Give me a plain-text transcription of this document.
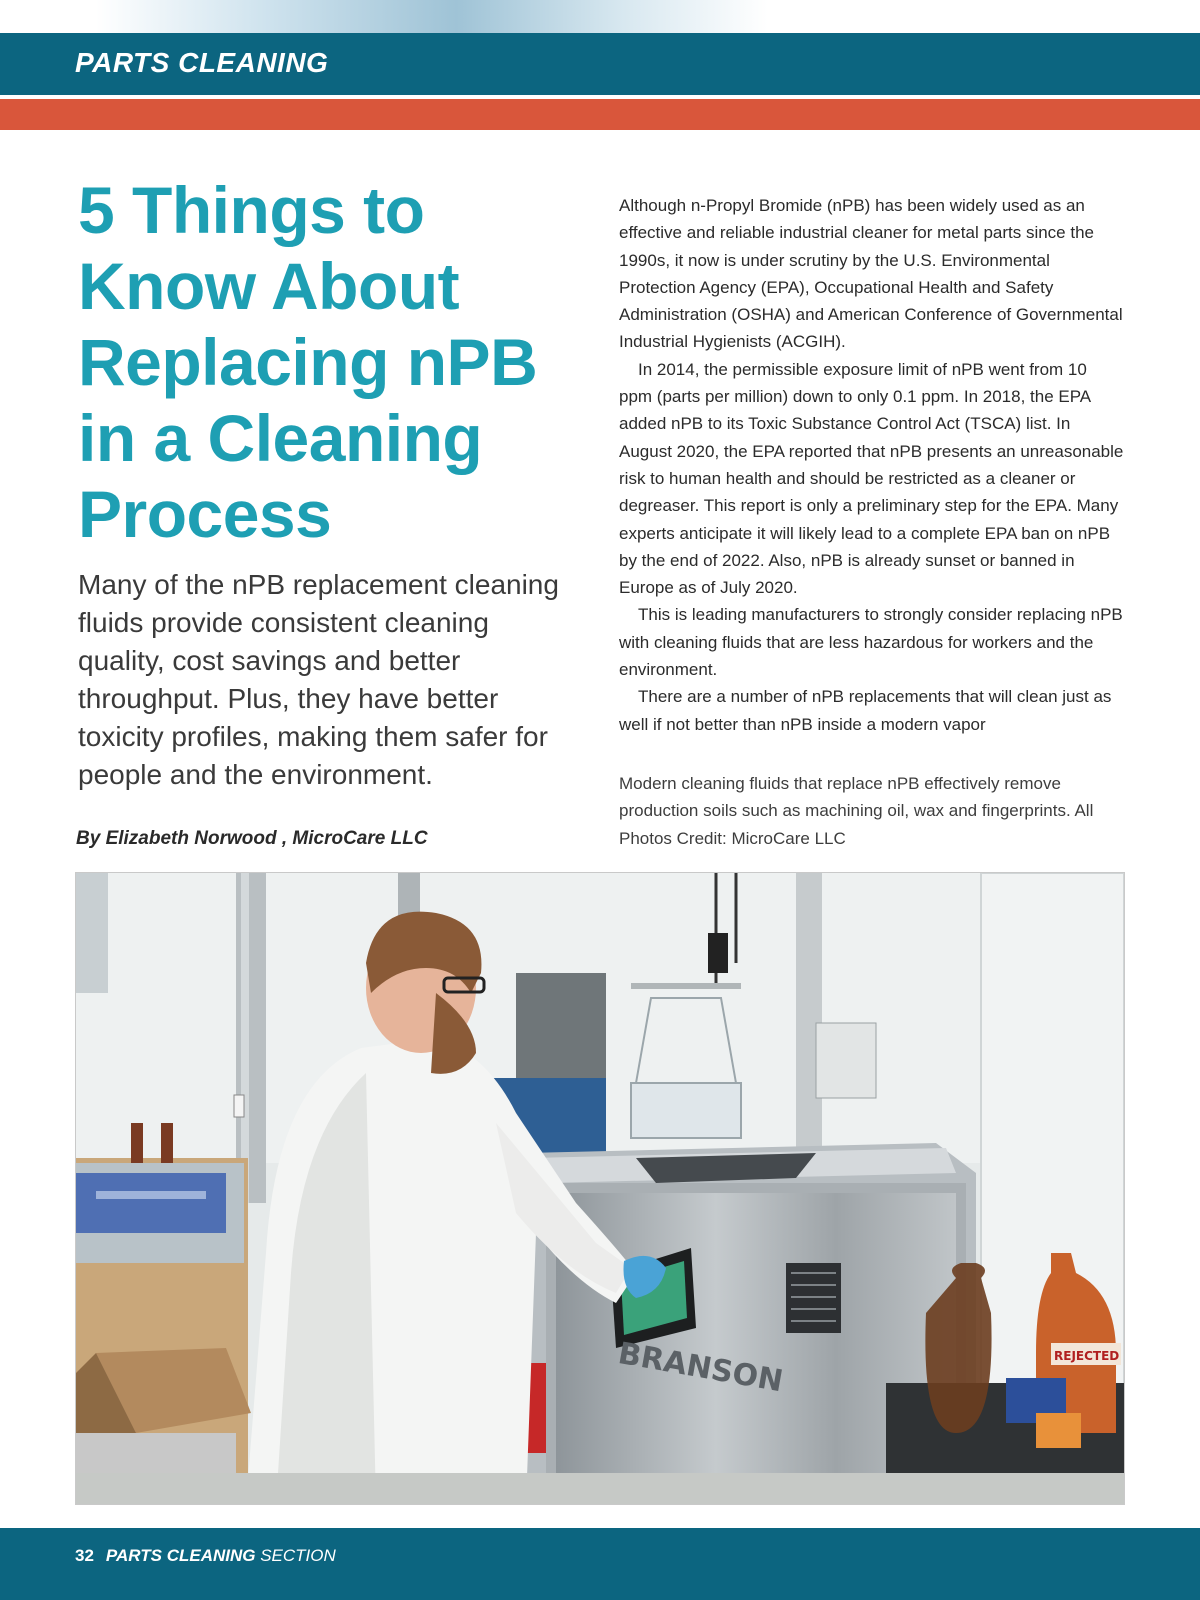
PARTS CLEANING
5 Things to Know About Replacing nPB in a Cleaning Process

Many of the nPB replacement cleaning fluids provide consistent cleaning quality, cost savings and better throughput. Plus, they have better toxicity profiles, making them safer for people and the environment.

By Elizabeth Norwood , MicroCare LLC

Although n-Propyl Bromide (nPB) has been widely used as an effective and reliable industrial cleaner for metal parts since the 1990s, it now is under scrutiny by the U.S. Environmental Protection Agency (EPA), Occupational Health and Safety Administration (OSHA) and American Conference of Governmental Industrial Hygienists (ACGIH).

In 2014, the permissible exposure limit of nPB went from 10 ppm (parts per million) down to only 0.1 ppm. In 2018, the EPA added nPB to its Toxic Substance Control Act (TSCA) list. In August 2020, the EPA reported that nPB presents an unreasonable risk to human health and should be restricted as a cleaner or degreaser. This report is only a preliminary step for the EPA. Many experts anticipate it will likely lead to a complete EPA ban on nPB by the end of 2022. Also, nPB is already sunset or banned in Europe as of July 2020.

This is leading manufacturers to strongly consider replacing nPB with cleaning fluids that are less hazardous for workers and the environment.

There are a number of nPB replacements that will clean just as well if not better than nPB inside a modern vapor

Modern cleaning fluids that replace nPB effectively remove production soils such as machining oil, wax and fingerprints. All Photos Credit: MicroCare LLC

BRANSON	REJECTED
32 PARTS CLEANING SECTION
